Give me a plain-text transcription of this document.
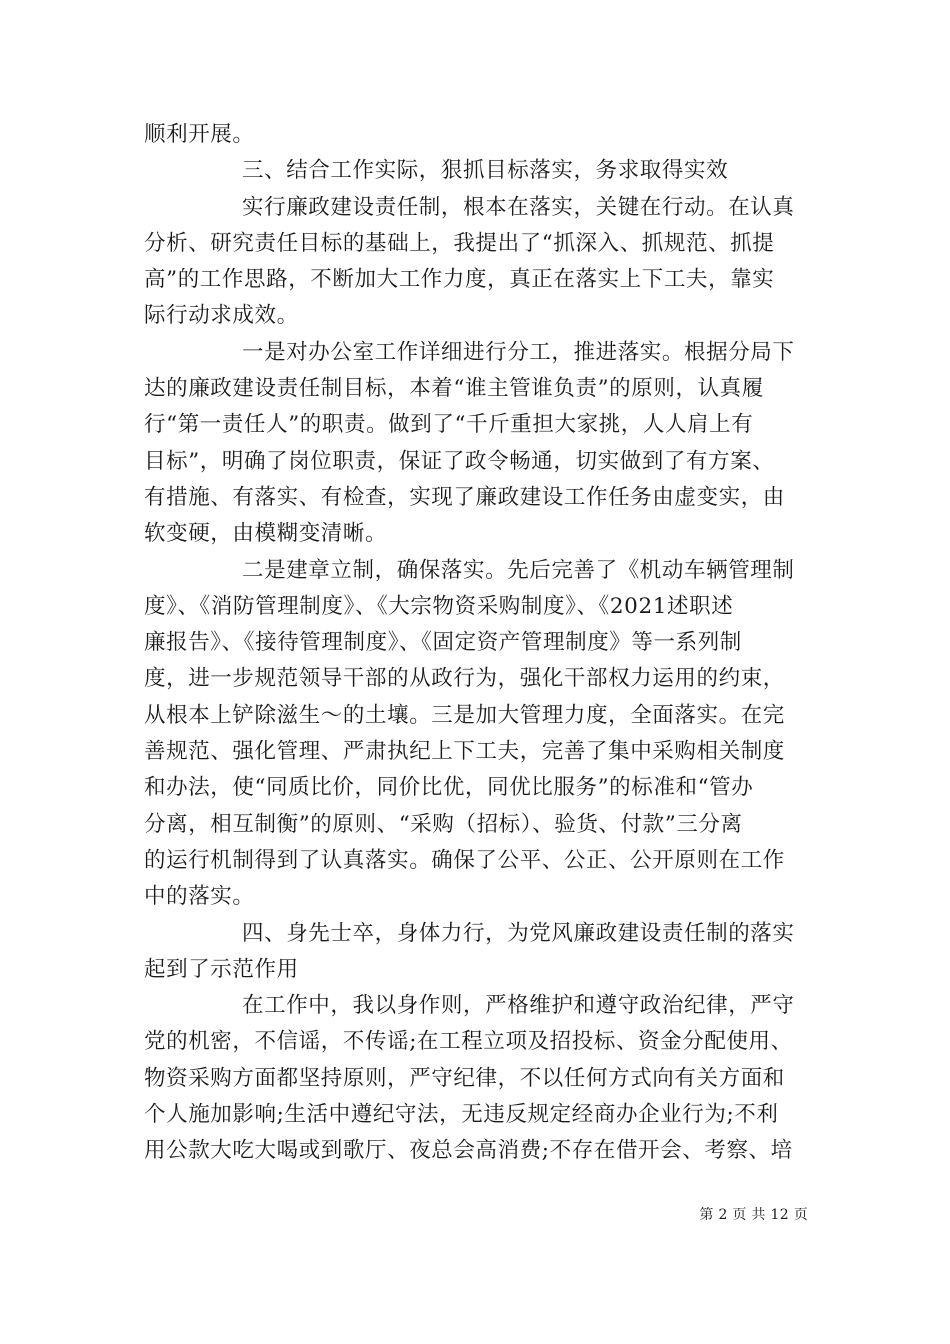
顺利开展。
三、结合工作实际，狠抓目标落实，务求取得实效
实行廉政建设责任制，根本在落实，关键在行动。在认真
分析、研究责任目标的基础上，我提出了“抓深入、抓规范、抓提
高”的工作思路，不断加大工作力度，真正在落实上下工夫，靠实
际行动求成效。
一是对办公室工作详细进行分工，推进落实。根据分局下
达的廉政建设责任制目标，本着“谁主管谁负责”的原则，认真履
行“第一责任人”的职责。做到了“千斤重担大家挑，人人肩上有
目标”，明确了岗位职责，保证了政令畅通，切实做到了有方案、
有措施、有落实、有检查，实现了廉政建设工作任务由虚变实，由
软变硬，由模糊变清晰。
二是建章立制，确保落实。先后完善了《机动车辆管理制
度》、《消防管理制度》、《大宗物资采购制度》、《2021述职述
廉报告》、《接待管理制度》、《固定资产管理制度》等一系列制
度，进一步规范领导干部的从政行为，强化干部权力运用的约束，
从根本上铲除滋生～的土壤。三是加大管理力度，全面落实。在完
善规范、强化管理、严肃执纪上下工夫，完善了集中采购相关制度
和办法，使“同质比价，同价比优，同优比服务”的标准和“管办
分离，相互制衡”的原则、“采购（招标）、验货、付款”三分离
的运行机制得到了认真落实。确保了公平、公正、公开原则在工作
中的落实。
四、身先士卒，身体力行，为党风廉政建设责任制的落实
起到了示范作用
在工作中，我以身作则，严格维护和遵守政治纪律，严守
党的机密，不信谣，不传谣;在工程立项及招投标、资金分配使用、
物资采购方面都坚持原则，严守纪律，不以任何方式向有关方面和
个人施加影响;生活中遵纪守法，无违反规定经商办企业行为;不利
用公款大吃大喝或到歌厅、夜总会高消费;不存在借开会、考察、培
第 2 页 共 12 页
